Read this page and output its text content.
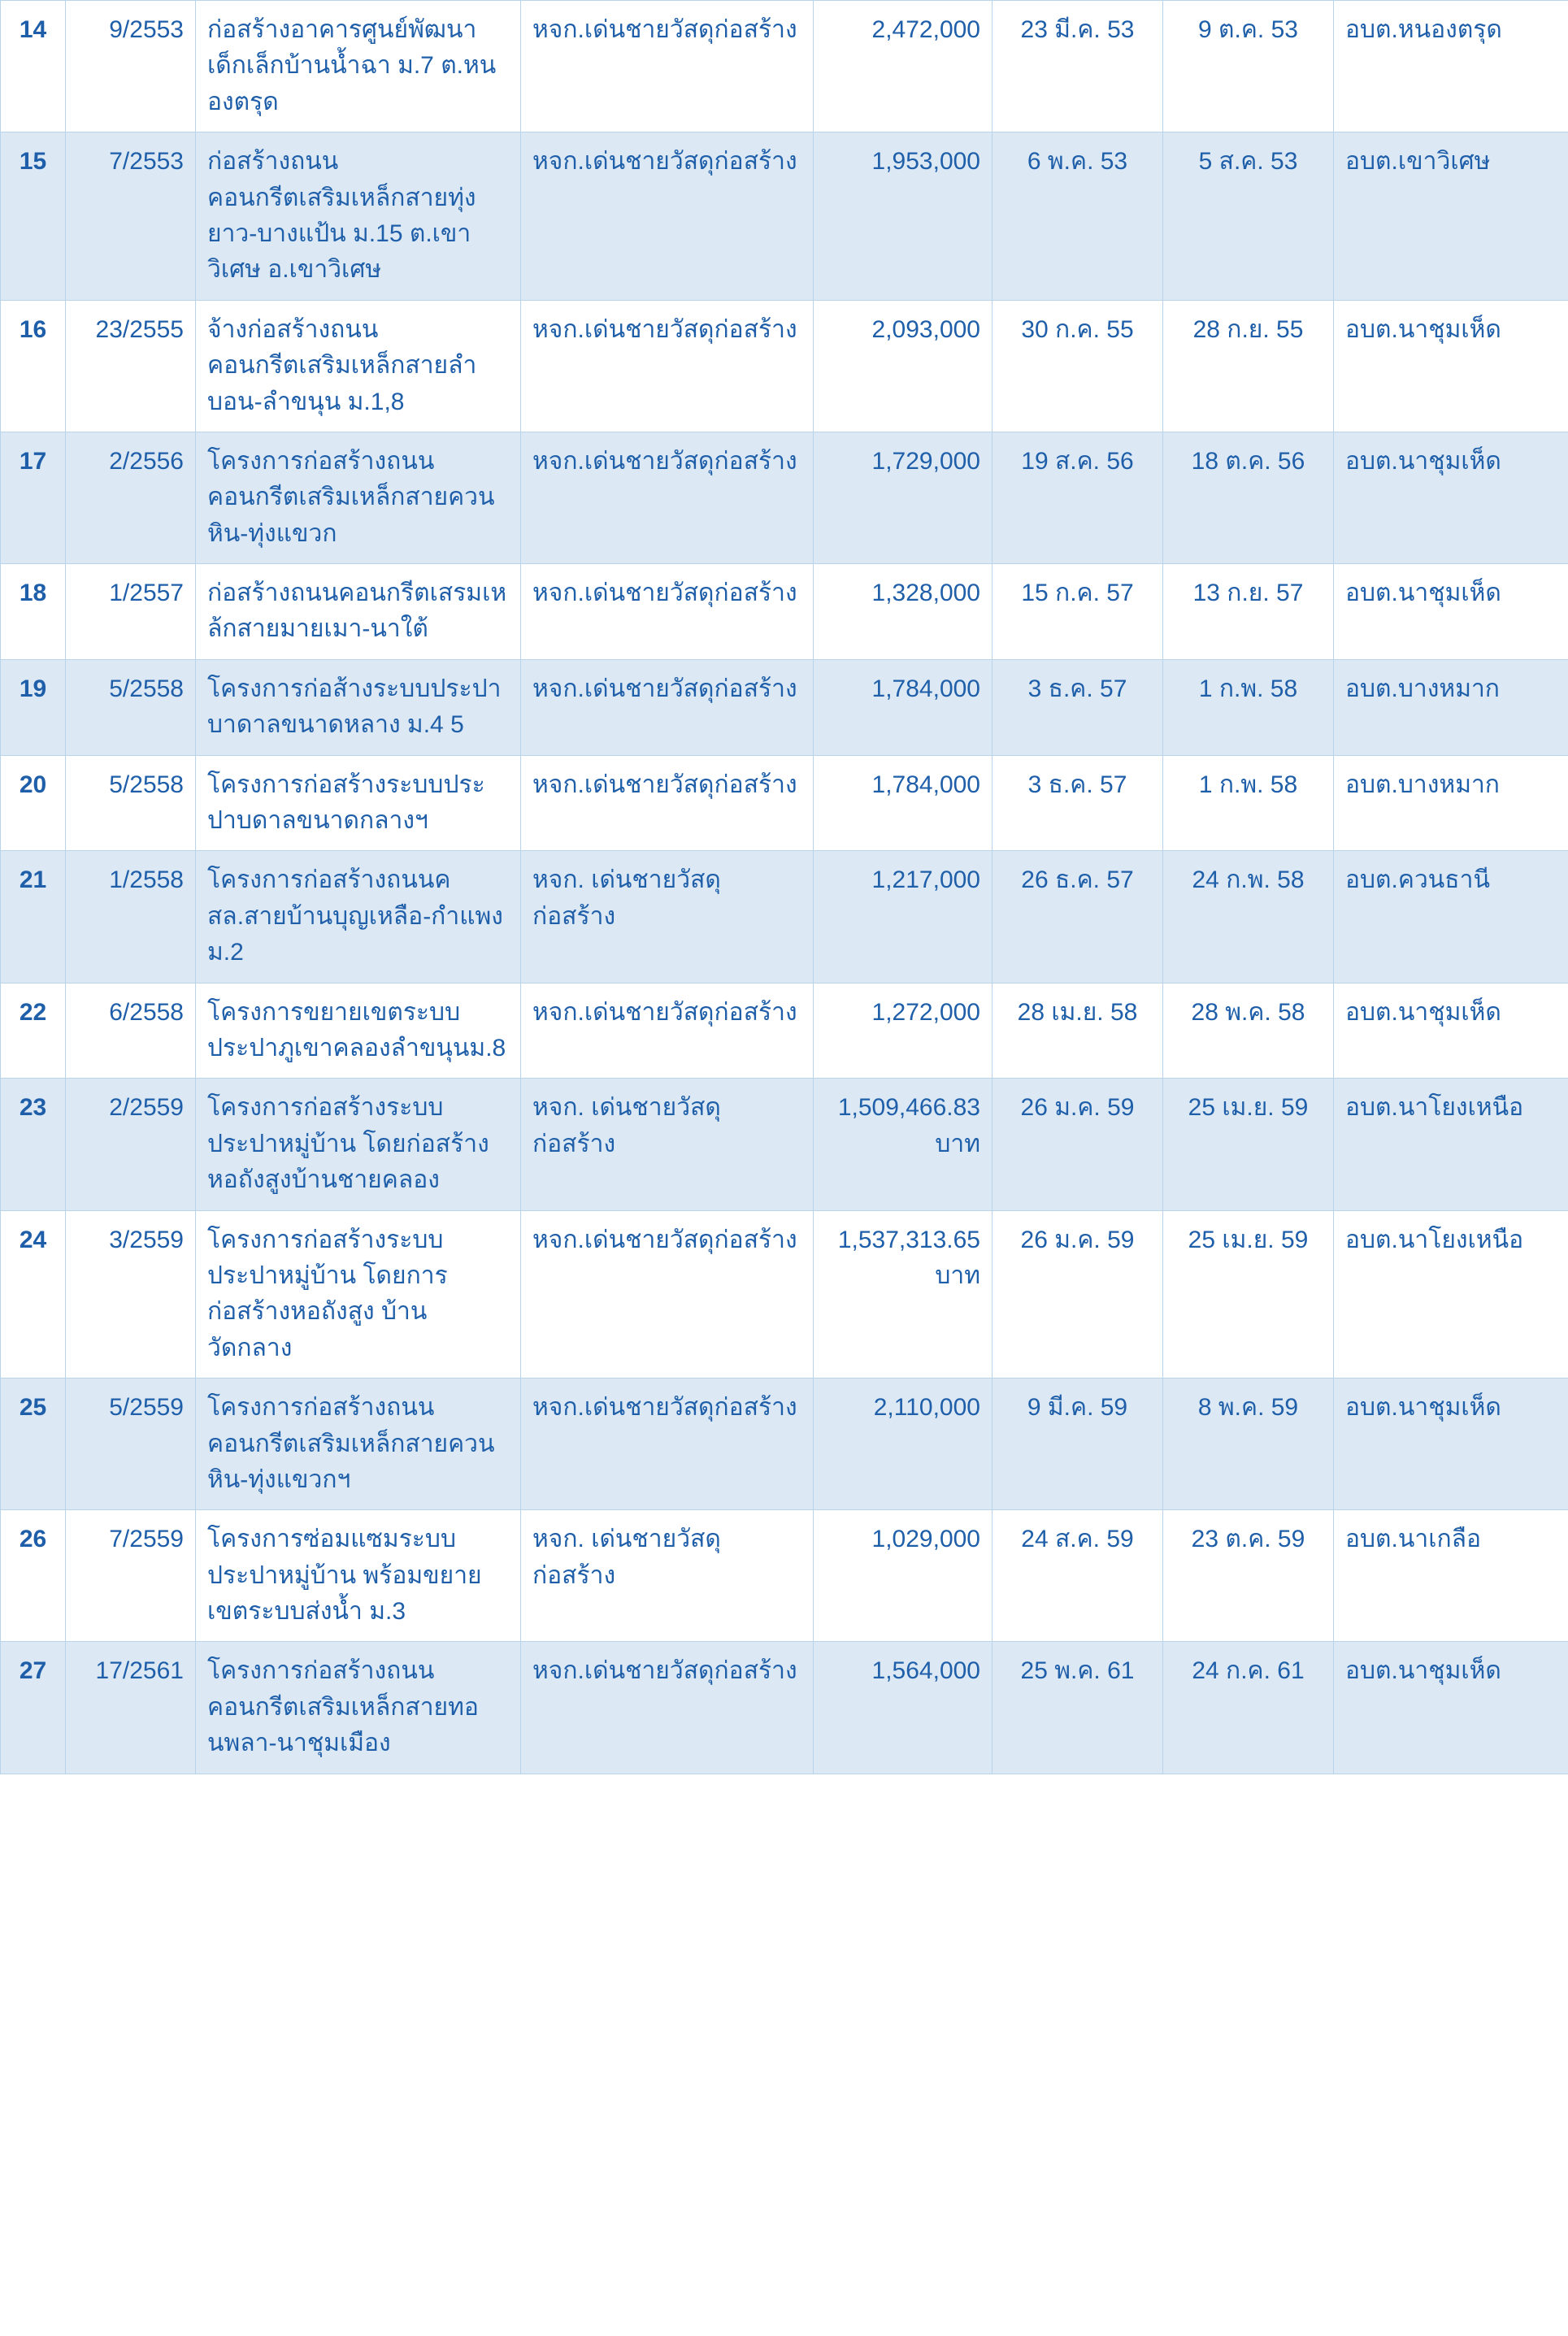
14	9/2553	ก่อสร้างอาคารศูนย์พัฒนาเด็กเล็กบ้านน้ำฉา ม.7 ต.หนองตรุด	หจก.เด่นชายวัสดุก่อสร้าง	2,472,000	23 มี.ค. 53	9 ต.ค. 53	อบต.หนองตรุด
15	7/2553	ก่อสร้างถนนคอนกรีตเสริมเหล็กสายทุ่งยาว-บางแป้น ม.15 ต.เขาวิเศษ อ.เขาวิเศษ	หจก.เด่นชายวัสดุก่อสร้าง	1,953,000	6 พ.ค. 53	5 ส.ค. 53	อบต.เขาวิเศษ
16	23/2555	จ้างก่อสร้างถนนคอนกรีตเสริมเหล็กสายลำบอน-ลำขนุน ม.1,8	หจก.เด่นชายวัสดุก่อสร้าง	2,093,000	30 ก.ค. 55	28 ก.ย. 55	อบต.นาชุมเห็ด
17	2/2556	โครงการก่อสร้างถนนคอนกรีตเสริมเหล็กสายควนหิน-ทุ่งแขวก	หจก.เด่นชายวัสดุก่อสร้าง	1,729,000	19 ส.ค. 56	18 ต.ค. 56	อบต.นาชุมเห็ด
18	1/2557	ก่อสร้างถนนคอนกรีตเสรมเหล้กสายมายเมา-นาใต้	หจก.เด่นชายวัสดุก่อสร้าง	1,328,000	15 ก.ค. 57	13 ก.ย. 57	อบต.นาชุมเห็ด
19	5/2558	โครงการก่อส้างระบบประปาบาดาลขนาดหลาง ม.4 5	หจก.เด่นชายวัสดุก่อสร้าง	1,784,000	3 ธ.ค. 57	1 ก.พ. 58	อบต.บางหมาก
20	5/2558	โครงการก่อสร้างระบบประปาบดาลขนาดกลางฯ	หจก.เด่นชายวัสดุก่อสร้าง	1,784,000	3 ธ.ค. 57	1 ก.พ. 58	อบต.บางหมาก
21	1/2558	โครงการก่อสร้างถนนคสล.สายบ้านบุญเหลือ-กำแพง ม.2	หจก. เด่นชายวัสดุก่อสร้าง	1,217,000	26 ธ.ค. 57	24 ก.พ. 58	อบต.ควนธานี
22	6/2558	โครงการขยายเขตระบบประปาภูเขาคลองลำขนุนม.8	หจก.เด่นชายวัสดุก่อสร้าง	1,272,000	28 เม.ย. 58	28 พ.ค. 58	อบต.นาชุมเห็ด
23	2/2559	โครงการก่อสร้างระบบประปาหมู่บ้าน โดยก่อสร้างหอถังสูงบ้านชายคลอง	หจก. เด่นชายวัสดุก่อสร้าง	1,509,466.83 บาท	26 ม.ค. 59	25 เม.ย. 59	อบต.นาโยงเหนือ
24	3/2559	โครงการก่อสร้างระบบประปาหมู่บ้าน โดยการก่อสร้างหอถังสูง บ้านวัดกลาง	หจก.เด่นชายวัสดุก่อสร้าง	1,537,313.65 บาท	26 ม.ค. 59	25 เม.ย. 59	อบต.นาโยงเหนือ
25	5/2559	โครงการก่อสร้างถนนคอนกรีตเสริมเหล็กสายควนหิน-ทุ่งแขวกฯ	หจก.เด่นชายวัสดุก่อสร้าง	2,110,000	9 มี.ค. 59	8 พ.ค. 59	อบต.นาชุมเห็ด
26	7/2559	โครงการซ่อมแซมระบบประปาหมู่บ้าน พร้อมขยายเขตระบบส่งน้ำ ม.3	หจก. เด่นชายวัสดุก่อสร้าง	1,029,000	24 ส.ค. 59	23 ต.ค. 59	อบต.นาเกลือ
27	17/2561	โครงการก่อสร้างถนนคอนกรีตเสริมเหล็กสายทอนพลา-นาชุมเมือง	หจก.เด่นชายวัสดุก่อสร้าง	1,564,000	25 พ.ค. 61	24 ก.ค. 61	อบต.นาชุมเห็ด
